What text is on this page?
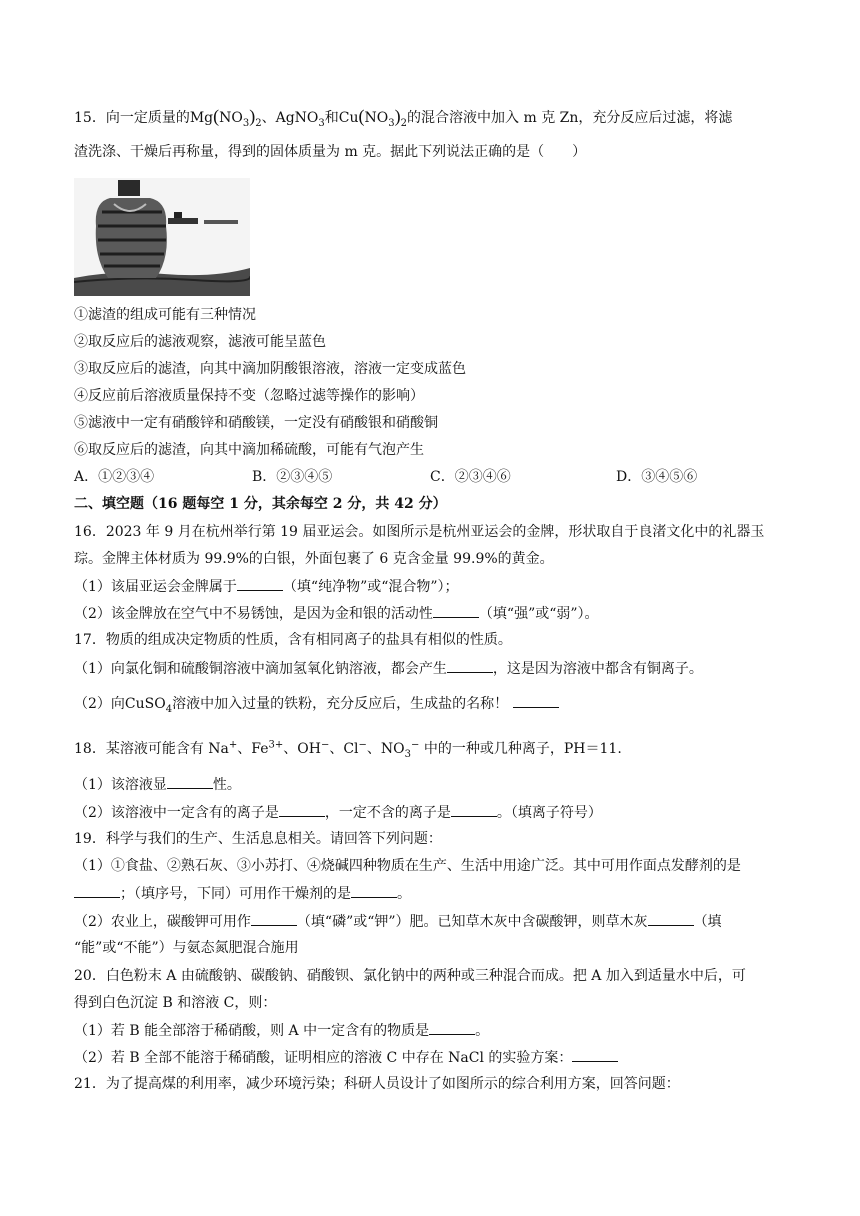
15．向一定质量的$Mg(NO_3)_2$、AgNO$_3$和$Cu(NO_3)_2$的混合溶液中加入 m 克 Zn，充分反应后过滤，将滤
渣洗涤、干燥后再称量，得到的固体质量为 m 克。据此下列说法正确的是（　　）
①滤渣的组成可能有三种情况
②取反应后的滤液观察，滤液可能呈蓝色
③取反应后的滤渣，向其中滴加阴酸银溶液，溶液一定变成蓝色
④反应前后溶液质量保持不变（忽略过滤等操作的影响）
⑤滤液中一定有硝酸锌和硝酸镁，一定没有硝酸银和硝酸铜
⑥取反应后的滤渣，向其中滴加稀硫酸，可能有气泡产生
A．①②③④	B．②③④⑤	C．②③④⑥	D．③④⑤⑥
二、填空题（16 题每空 1 分，其余每空 2 分，共 42 分）
16．2023 年 9 月在杭州举行第 19 届亚运会。如图所示是杭州亚运会的金牌，形状取自于良渚文化中的礼器玉
琮。金牌主体材质为 99.9%的白银，外面包裹了 6 克含金量 99.9%的黄金。
（1）该届亚运会金牌属于	（填“纯净物”或“混合物”）；
（2）该金牌放在空气中不易锈蚀，是因为金和银的活动性	（填“强”或“弱”）。
17．物质的组成决定物质的性质，含有相同离子的盐具有相似的性质。
（1）向氯化铜和硫酸铜溶液中滴加氢氧化钠溶液，都会产生	，这是因为溶液中都含有铜离子。
（2）向CuSO$_4$溶液中加入过量的铁粉，充分反应后，生成盐的名称！
18．某溶液可能含有 Na+、$Fe^{3+}$、OH−、Cl−、$NO_3^-$ 中的一种或几种离子，PH＝11.
（1）该溶液显	性。
（2）该溶液中一定含有的离子是	，一定不含的离子是	。（填离子符号）
19．科学与我们的生产、生活息息相关。请回答下列问题：
（1）①食盐、②熟石灰、③小苏打、④烧碱四种物质在生产、生活中用途广泛。其中可用作面点发酵剂的是
；（填序号，下同）可用作干燥剂的是	。
（2）农业上，碳酸钾可用作	（填“磷”或“钾”）肥。已知草木灰中含碳酸钾，则草木灰	（填
“能”或“不能”）与氨态氮肥混合施用
20．白色粉末 A 由硫酸钠、碳酸钠、硝酸钡、氯化钠中的两种或三种混合而成。把 A 加入到适量水中后，可
得到白色沉淀 B 和溶液 C，则：
（1）若 B 能全部溶于稀硝酸，则 A 中一定含有的物质是	。
（2）若 B 全部不能溶于稀硝酸，证明相应的溶液 C 中存在 NaCl 的实验方案：
21．为了提高煤的利用率，减少环境污染；科研人员设计了如图所示的综合利用方案，回答问题：
